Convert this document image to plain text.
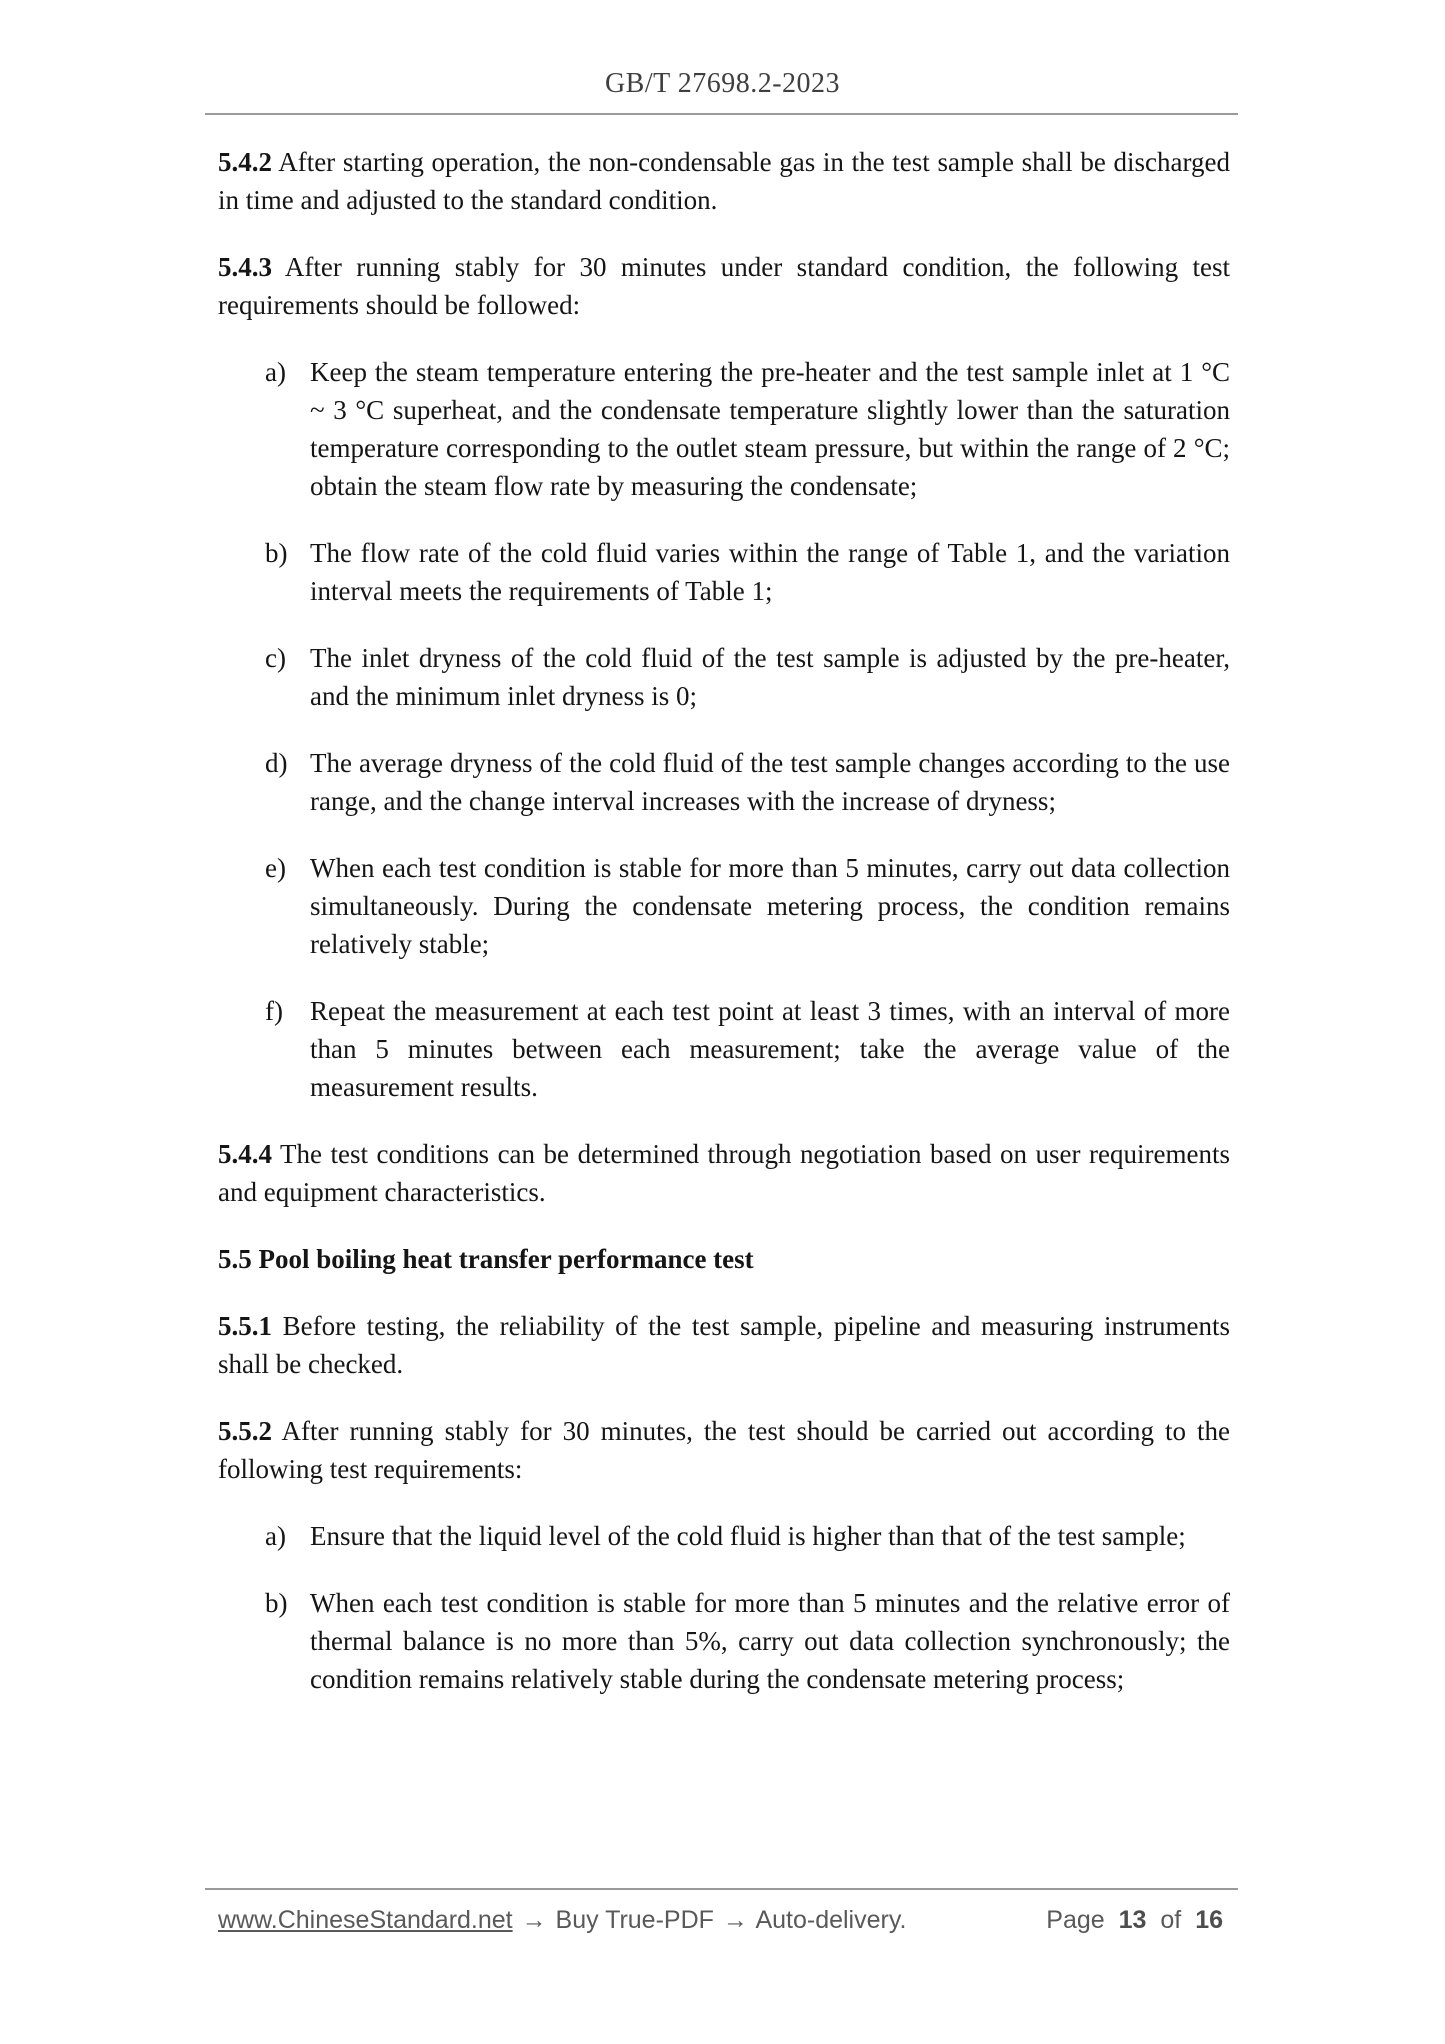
GB/T 27698.2-2023

5.4.2 After starting operation, the non-condensable gas in the test sample shall be discharged in time and adjusted to the standard condition.

5.4.3 After running stably for 30 minutes under standard condition, the following test requirements should be followed:

a) Keep the steam temperature entering the pre-heater and the test sample inlet at 1 °C ~ 3 °C superheat, and the condensate temperature slightly lower than the saturation temperature corresponding to the outlet steam pressure, but within the range of 2 °C; obtain the steam flow rate by measuring the condensate;
b) The flow rate of the cold fluid varies within the range of Table 1, and the variation interval meets the requirements of Table 1;
c) The inlet dryness of the cold fluid of the test sample is adjusted by the pre-heater, and the minimum inlet dryness is 0;
d) The average dryness of the cold fluid of the test sample changes according to the use range, and the change interval increases with the increase of dryness;
e) When each test condition is stable for more than 5 minutes, carry out data collection simultaneously. During the condensate metering process, the condition remains relatively stable;
f) Repeat the measurement at each test point at least 3 times, with an interval of more than 5 minutes between each measurement; take the average value of the measurement results.

5.4.4 The test conditions can be determined through negotiation based on user requirements and equipment characteristics.

5.5 Pool boiling heat transfer performance test

5.5.1 Before testing, the reliability of the test sample, pipeline and measuring instruments shall be checked.

5.5.2 After running stably for 30 minutes, the test should be carried out according to the following test requirements:

a) Ensure that the liquid level of the cold fluid is higher than that of the test sample;
b) When each test condition is stable for more than 5 minutes and the relative error of thermal balance is no more than 5%, carry out data collection synchronously; the condition remains relatively stable during the condensate metering process;
www.ChineseStandard.net → Buy True-PDF → Auto-delivery.	Page 13 of 16
